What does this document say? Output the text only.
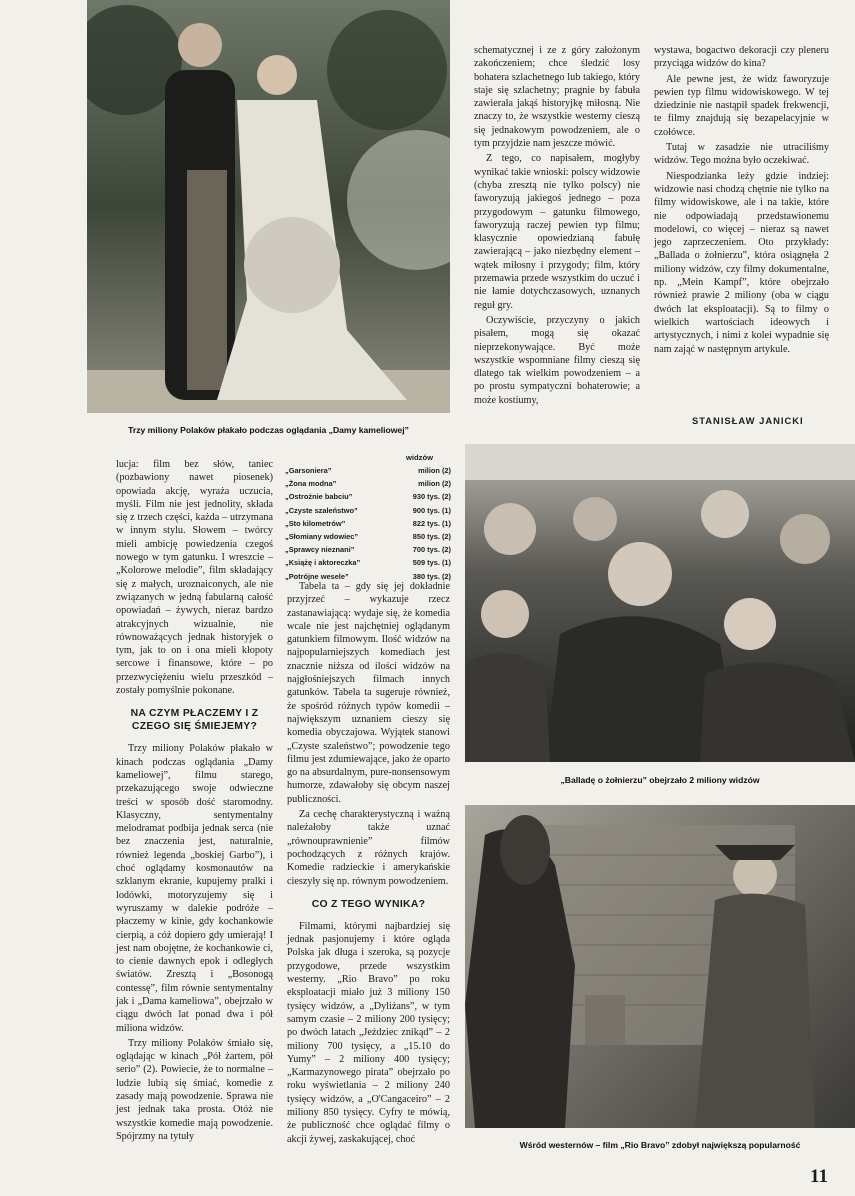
Trzy miliony Polaków płakało podczas oglądania „Damy kameliowej”

schematycznej i ze z góry założonym zakończeniem; chce śledzić losy bohatera szlachetnego lub takiego, który staje się szlachetny; pragnie by fabuła zawierała jakąś historyjkę miłosną. Nie znaczy to, że wszystkie westerny cieszą się jednakowym powodzeniem, ale o tym przyjdzie nam jeszcze mówić.

Z tego, co napisałem, mogłyby wynikać takie wnioski: polscy widzowie (chyba zresztą nie tylko polscy) nie faworyzują jakiegoś jednego – poza przygodowym – gatunku filmowego, faworyzują raczej pewien typ filmu; klasycznie opowiedzianą fabułę zawierającą – jako niezbędny element – wątek miłosny i przygody; film, który przemawia przede wszystkim do uczuć i nie łamie dotychczasowych, uznanych reguł gry.

Oczywiście, przyczyny o jakich pisałem, mogą się okazać nieprzekonywające. Być może wszystkie wspomniane filmy cieszą się dlatego tak wielkim powodzeniem – a po prostu sympatyczni bohaterowie; a może kostiumy,

wystawa, bogactwo dekoracji czy pleneru przyciąga widzów do kina?

Ale pewne jest, że widz faworyzuje pewien typ filmu widowiskowego. W tej dziedzinie nie nastąpił spadek frekwencji, te filmy znajdują się bezapelacyjnie w czołówce.

Tutaj w zasadzie nie utraciliśmy widzów. Tego można było oczekiwać.

Niespodzianka leży gdzie indziej: widzowie nasi chodzą chętnie nie tylko na filmy widowiskowe, ale i na takie, które nie odpowiadają przedstawionemu modelowi, co więcej – nieraz są nawet jego zaprzeczeniem. Oto przykłady: „Ballada o żołnierzu”, która osiągnęła 2 miliony widzów, czy filmy dokumentalne, np. „Mein Kampf”, które obejrzało również prawie 2 miliony (oba w ciągu dwóch lat eksploatacji). Są to filmy o wielkich wartościach ideowych i artystycznych, i nimi z kolei wypadnie się nam zająć w następnym artykule.

STANISŁAW JANICKI

lucja: film bez słów, taniec (pozbawiony nawet piosenek) opowiada akcję, wyraża uczucia, myśli. Film nie jest jednolity, składa się z trzech części, każda – utrzymana w innym stylu. Słowem – twórcy mieli ambicję powiedzenia czegoś nowego w tym gatunku. I wreszcie – „Kolorowe melodie”, film składający się z małych, uroznaiconych, ale nie związanych w jedną fabularną całość opowiadań – żywych, nieraz bardzo atrakcyjnych wizualnie, nie równoważących jednak historyjek o tym, jak to on i ona mieli kłopoty sercowe i finansowe, które – po przezwyciężeniu wielu przeszkód – zostały pomyślnie pokonane.

NA CZYM PŁACZEMY I Z CZEGO SIĘ ŚMIEJEMY?

Trzy miliony Polaków płakało w kinach podczas oglądania „Damy kameliowej”, filmu starego, przekazującego swoje odwieczne treści w sposób dość staromodny. Klasyczny, sentymentalny melodramat podbija jednak serca (nie bez znaczenia jest, naturalnie, również legenda „boskiej Garbo”), i choć oglądamy kosmonautów na szklanym ekranie, kupujemy pralki i lodówki, motoryzujemy się i wyruszamy w dalekie podróże – płaczemy w kinie, gdy kochankowie cierpią, a cóż dopiero gdy umierają! I jest nam obojętne, że kochankowie ci, to cienie dawnych epok i odległych światów. Zresztą i „Bosonogą contessę”, film równie sentymentalny jak i „Dama kameliowa”, obejrzało w ciągu dwóch lat ponad dwa i pół miliona widzów.

Trzy miliony Polaków śmiało się, oglądając w kinach „Pół żartem, pół serio” (2). Powiecie, że to normalne – ludzie lubią się śmiać, komedie z zasady mają powodzenie. Sprawa nie jest jednak taka prosta. Otóż nie wszystkie komedie mają powodzenie. Spójrzmy na tytuły

widzów
„Garsoniera”	milion (2)
„Żona modna”	milion (2)
„Ostrożnie babciu”	930 tys. (2)
„Czyste szaleństwo”	900 tys. (1)
„Sto kilometrów”	822 tys. (1)
„Słomiany wdowiec”	850 tys. (2)
„Sprawcy nieznani”	700 tys. (2)
„Książę i aktoreczka”	509 tys. (1)
„Potrójne wesele”	380 tys. (2)

Tabela ta – gdy się jej dokładnie przyjrzeć – wykazuje rzecz zastanawiającą: wydaje się, że komedia wcale nie jest najchętniej oglądanym gatunkiem filmowym. Ilość widzów na najpopularniejszych komediach jest znacznie niższa od ilości widzów na najgłośniejszych filmach innych gatunków. Tabela ta sugeruje również, że spośród różnych typów komedii – największym uznaniem cieszy się komedia obyczajowa. Wyjątek stanowi „Czyste szaleństwo”; powodzenie tego filmu jest zdumiewające, jako że oparto go na absurdalnym, pure-nonsensowym humorze, zdawałoby się obcym naszej publiczności.

Za cechę charakterystyczną i ważną należałoby także uznać „równouprawnienie” filmów pochodzących z różnych krajów. Komedie radzieckie i amerykańskie cieszyły się np. równym powodzeniem.

CO Z TEGO WYNIKA?

Filmami, którymi najbardziej się jednak pasjonujemy i które ogląda Polska jak długa i szeroka, są pozycje przygodowe, przede wszystkim westerny. „Rio Bravo” po roku eksploatacji miało już 3 miliony 150 tysięcy widzów, a „Dyliżans”, w tym samym czasie – 2 miliony 200 tysięcy; po dwóch latach „Jeździec znikąd” – 2 miliony 700 tysięcy, a „15.10 do Yumy” – 2 miliony 400 tysięcy; „Karmazynowego pirata” obejrzało po roku wyświetlania – 2 miliony 240 tysięcy widzów, a „O'Cangaceiro” – 2 miliony 850 tysięcy. Cyfry te mówią, że publiczność chce oglądać filmy o akcji żywej, zaskakującej, choć

„Balladę o żołnierzu” obejrzało 2 miliony widzów
Wśród westernów – film „Rio Bravo” zdobył największą popularność
11
